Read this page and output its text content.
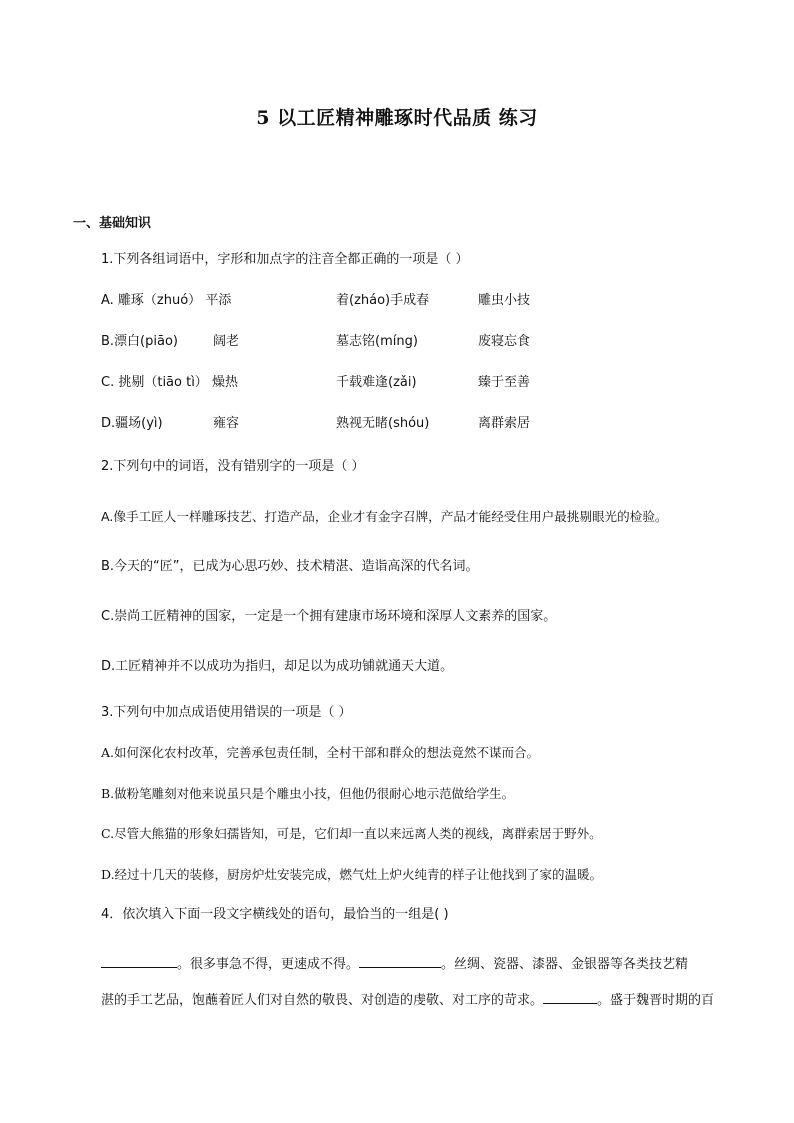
5 以工匠精神雕琢时代品质 练习
一、基础知识
1.下列各组词语中，字形和加点字的注音全都正确的一项是（ ）
A. 雕琢（zhuó） 平添	着(zháo)手成春	雕虫小技
B.漂白(piāo)	阔老	墓志铭(míng)	废寝忘食
C. 挑剔（tiāo tì） 燥热	千载难逢(zǎi)	臻于至善
D.疆场(yì)	雍容	熟视无睹(shóu)	离群索居
2.下列句中的词语，没有错别字的一项是（ ）
A.像手工匠人一样雕琢技艺、打造产品，企业才有金字召牌，产品才能经受住用户最挑剔眼光的检验。
B.今天的“匠”，已成为心思巧妙、技术精湛、造诣高深的代名词。
C.崇尚工匠精神的国家，一定是一个拥有建康市场环境和深厚人文素养的国家。
D.工匠精神并不以成功为指归，却足以为成功铺就通天大道。
3.下列句中加点成语使用错误的一项是（ ）
A.如何深化农村改革，完善承包责任制，全村干部和群众的想法竟然不谋而合。
B.做粉笔雕刻对他来说虽只是个雕虫小技，但他仍很耐心地示范做给学生。
C.尽管大熊猫的形象妇孺皆知，可是，它们却一直以来远离人类的视线，离群索居于野外。
D.经过十几天的装修，厨房炉灶安装完成，燃气灶上炉火纯青的样子让他找到了家的温暖。
4．依次填入下面一段文字横线处的语句，最恰当的一组是( )
。很多事急不得，更速成不得。	。丝绸、瓷器、漆器、金银器等各类技艺精
湛的手工艺品，饱蘸着匠人们对自然的敬畏、对创造的虔敬、对工序的苛求。	。盛于魏晋时期的百
